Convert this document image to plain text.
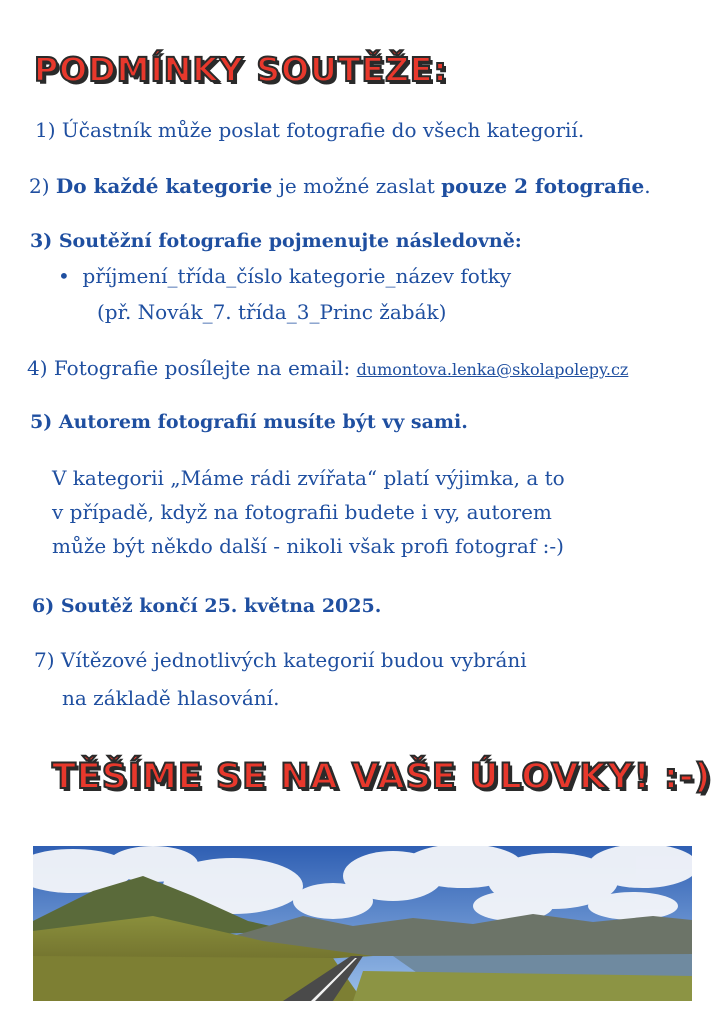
PODMÍNKY SOUTĚŽE:

1) Účastník může poslat fotografie do všech kategorií.

2) Do každé kategorie je možné zaslat pouze 2 fotografie.

3) Soutěžní fotografie pojmenujte následovně:

• příjmení_třída_číslo kategorie_název fotky

(př. Novák_7. třída_3_Princ žabák)

4) Fotografie posílejte na email: dumontova.lenka@skolapolepy.cz

5) Autorem fotografií musíte být vy sami.

V kategorii „Máme rádi zvířata“ platí výjimka, a to
v případě, když na fotografii budete i vy, autorem
může být někdo další - nikoli však profi fotograf :-)

6) Soutěž končí 25. května 2025.

7) Vítězové jednotlivých kategorií budou vybráni

na základě hlasování.

TĚŠÍME SE NA VAŠE ÚLOVKY! :-)
